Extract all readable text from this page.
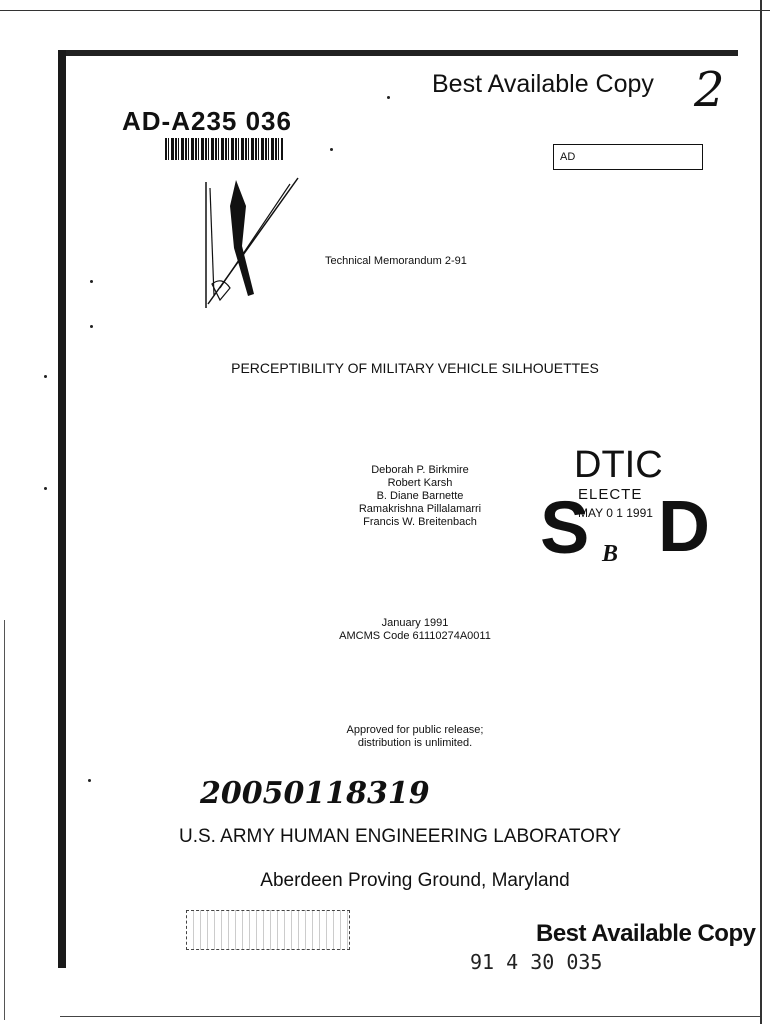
Best Available Copy 2
AD-A235 036
AD
Technical Memorandum 2-91
PERCEPTIBILITY OF MILITARY VEHICLE SILHOUETTES
Deborah P. Birkmire
Robert Karsh
B. Diane Barnette
Ramakrishna Pillalamarri
Francis W. Breitenbach
DTIC
S
ELECTE
MAY 0 1 1991
B D
January 1991
AMCMS Code 61110274A0011
Approved for public release;
distribution is unlimited.
20050118319
U.S. ARMY HUMAN ENGINEERING LABORATORY
Aberdeen Proving Ground, Maryland
Best Available Copy
91 4 30 035
